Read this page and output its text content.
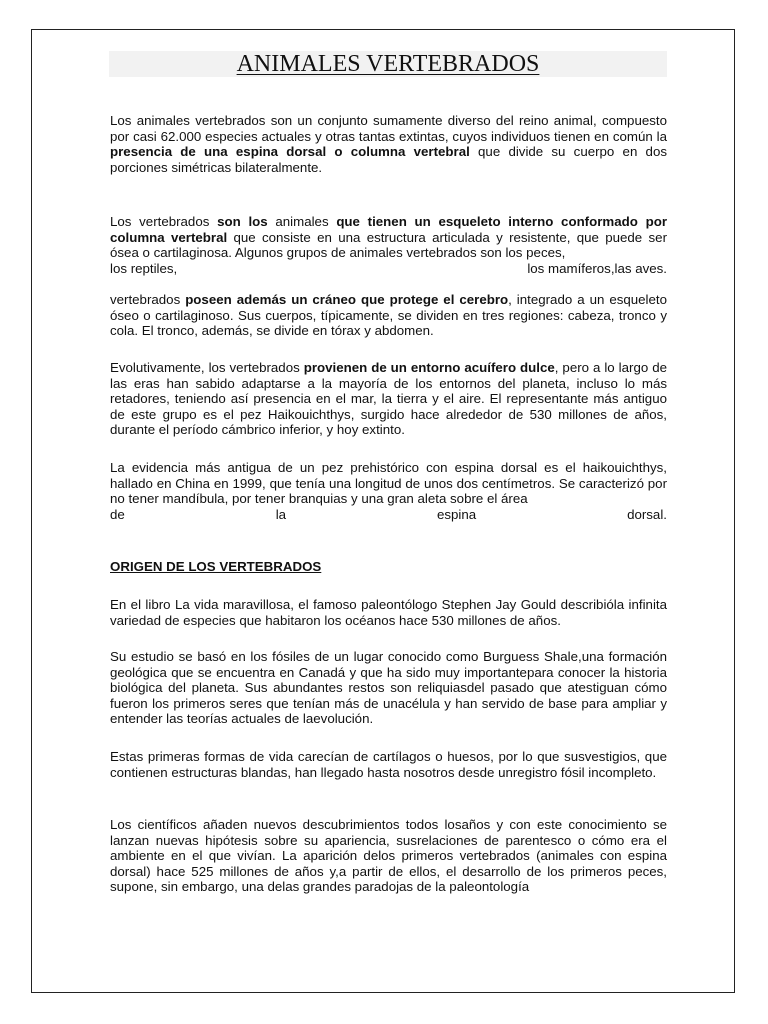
ANIMALES VERTEBRADOS

Los animales vertebrados son un conjunto sumamente diverso del reino animal, compuesto por casi 62.000 especies actuales y otras tantas extintas, cuyos individuos tienen en común la presencia de una espina dorsal o columna vertebral que divide su cuerpo en dos porciones simétricas bilateralmente.

Los vertebrados son los animales que tienen un esqueleto interno conformado por columna vertebral que consiste en una estructura articulada y resistente, que puede ser ósea o cartilaginosa. Algunos grupos de animales vertebrados son los peces,
los reptiles,	los mamíferos,las aves.

vertebrados poseen además un cráneo que protege el cerebro, integrado a un esqueleto óseo o cartilaginoso. Sus cuerpos, típicamente, se dividen en tres regiones: cabeza, tronco y cola. El tronco, además, se divide en tórax y abdomen.

Evolutivamente, los vertebrados provienen de un entorno acuífero dulce, pero a lo largo de las eras han sabido adaptarse a la mayoría de los entornos del planeta, incluso lo más retadores, teniendo así presencia en el mar, la tierra y el aire. El representante más antiguo de este grupo es el pez Haikouichthys, surgido hace alrededor de 530 millones de años, durante el período cámbrico inferior, y hoy extinto.

La evidencia más antigua de un pez prehistórico con espina dorsal es el haikouichthys, hallado en China en 1999, que tenía una longitud de unos dos centímetros. Se caracterizó por no tener mandíbula, por tener branquias y una gran aleta sobre el área
de	la	espina	dorsal.

ORIGEN DE LOS VERTEBRADOS

En el libro La vida maravillosa, el famoso paleontólogo Stephen Jay Gould describióla infinita variedad de especies que habitaron los océanos hace 530 millones de años.

Su estudio se basó en los fósiles de un lugar conocido como Burguess Shale,una formación geológica que se encuentra en Canadá y que ha sido muy importantepara conocer la historia biológica del planeta. Sus abundantes restos son reliquiasdel pasado que atestiguan cómo fueron los primeros seres que tenían más de unacélula y han servido de base para ampliar y entender las teorías actuales de laevolución.

Estas primeras formas de vida carecían de cartílagos o huesos, por lo que susvestigios, que contienen estructuras blandas, han llegado hasta nosotros desde unregistro fósil incompleto.

Los científicos añaden nuevos descubrimientos todos losaños y con este conocimiento se lanzan nuevas hipótesis sobre su apariencia, susrelaciones de parentesco o cómo era el ambiente en el que vivían. La aparición delos primeros vertebrados (animales con espina dorsal) hace 525 millones de años y,a partir de ellos, el desarrollo de los primeros peces, supone, sin embargo, una delas grandes paradojas de la paleontología
